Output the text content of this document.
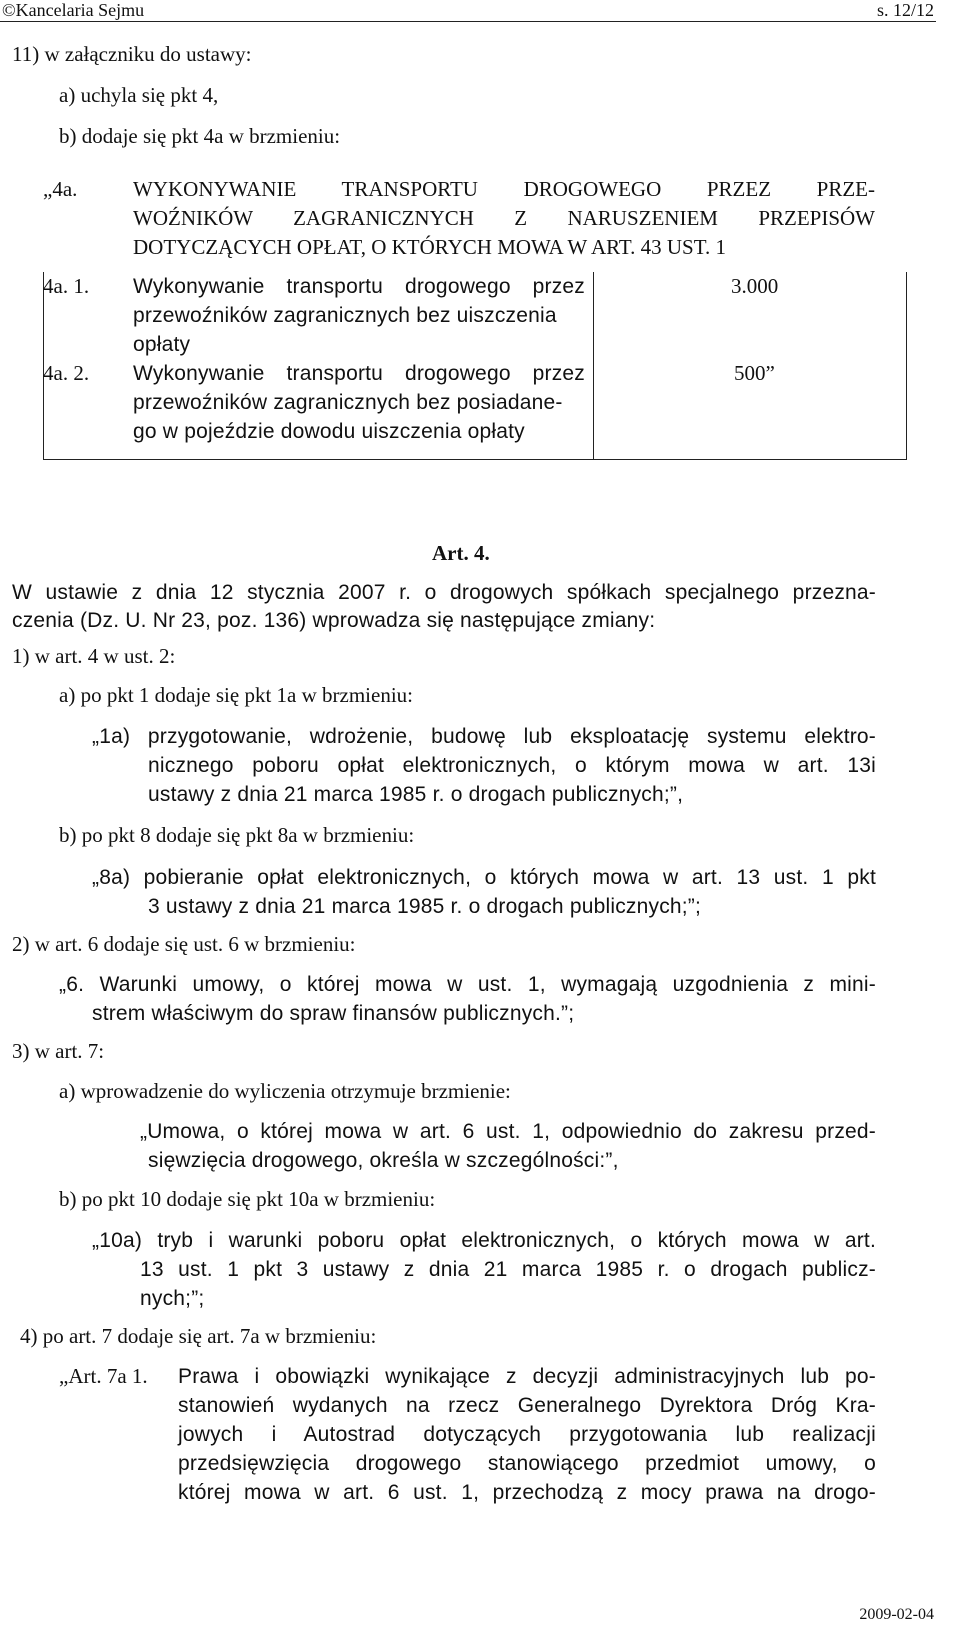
©Kancelaria Sejmu	s. 12/12
11) w załączniku do ustawy:
a) uchyla się pkt 4,
b) dodaje się pkt 4a w brzmieniu:
„4a.	WYKONYWANIE TRANSPORTU DROGOWEGO PRZEZ PRZE-
WOŹNIKÓW ZAGRANICZNYCH Z NARUSZENIEM PRZEPISÓW
DOTYCZĄCYCH OPŁAT, O KTÓRYCH MOWA W ART. 43 UST. 1
4a. 1. Wykonywanie transportu drogowego przez
przewoźników zagranicznych bez uiszczenia
opłaty
3.000
4a. 2. Wykonywanie transportu drogowego przez
przewoźników zagranicznych bez posiadane-
go w pojeździe dowodu uiszczenia opłaty
500”
Art. 4.
W ustawie z dnia 12 stycznia 2007 r. o drogowych spółkach specjalnego przezna-
czenia (Dz. U. Nr 23, poz. 136) wprowadza się następujące zmiany:
1) w art. 4 w ust. 2:
a) po pkt 1 dodaje się pkt 1a w brzmieniu:
„1a) przygotowanie, wdrożenie, budowę lub eksploatację systemu elektro-
nicznego poboru opłat elektronicznych, o którym mowa w art. 13i
ustawy z dnia 21 marca 1985 r. o drogach publicznych;”,
b) po pkt 8 dodaje się pkt 8a w brzmieniu:
„8a) pobieranie opłat elektronicznych, o których mowa w art. 13 ust. 1 pkt
3 ustawy z dnia 21 marca 1985 r. o drogach publicznych;”;
2) w art. 6 dodaje się ust. 6 w brzmieniu:
„6. Warunki umowy, o której mowa w ust. 1, wymagają uzgodnienia z mini-
strem właściwym do spraw finansów publicznych.”;
3) w art. 7:
a) wprowadzenie do wyliczenia otrzymuje brzmienie:
„Umowa, o której mowa w art. 6 ust. 1, odpowiednio do zakresu przed-
sięwzięcia drogowego, określa w szczególności:”,
b) po pkt 10 dodaje się pkt 10a w brzmieniu:
„10a) tryb i warunki poboru opłat elektronicznych, o których mowa w art.
13 ust. 1 pkt 3 ustawy z dnia 21 marca 1985 r. o drogach publicz-
nych;”;
4) po art. 7 dodaje się art. 7a w brzmieniu:
„Art. 7a 1. Prawa i obowiązki wynikające z decyzji administracyjnych lub po-
stanowień wydanych na rzecz Generalnego Dyrektora Dróg Kra-
jowych i Autostrad dotyczących przygotowania lub realizacji
przedsięwzięcia drogowego stanowiącego przedmiot umowy, o
której mowa w art. 6 ust. 1, przechodzą z mocy prawa na drogo-
2009-02-04
